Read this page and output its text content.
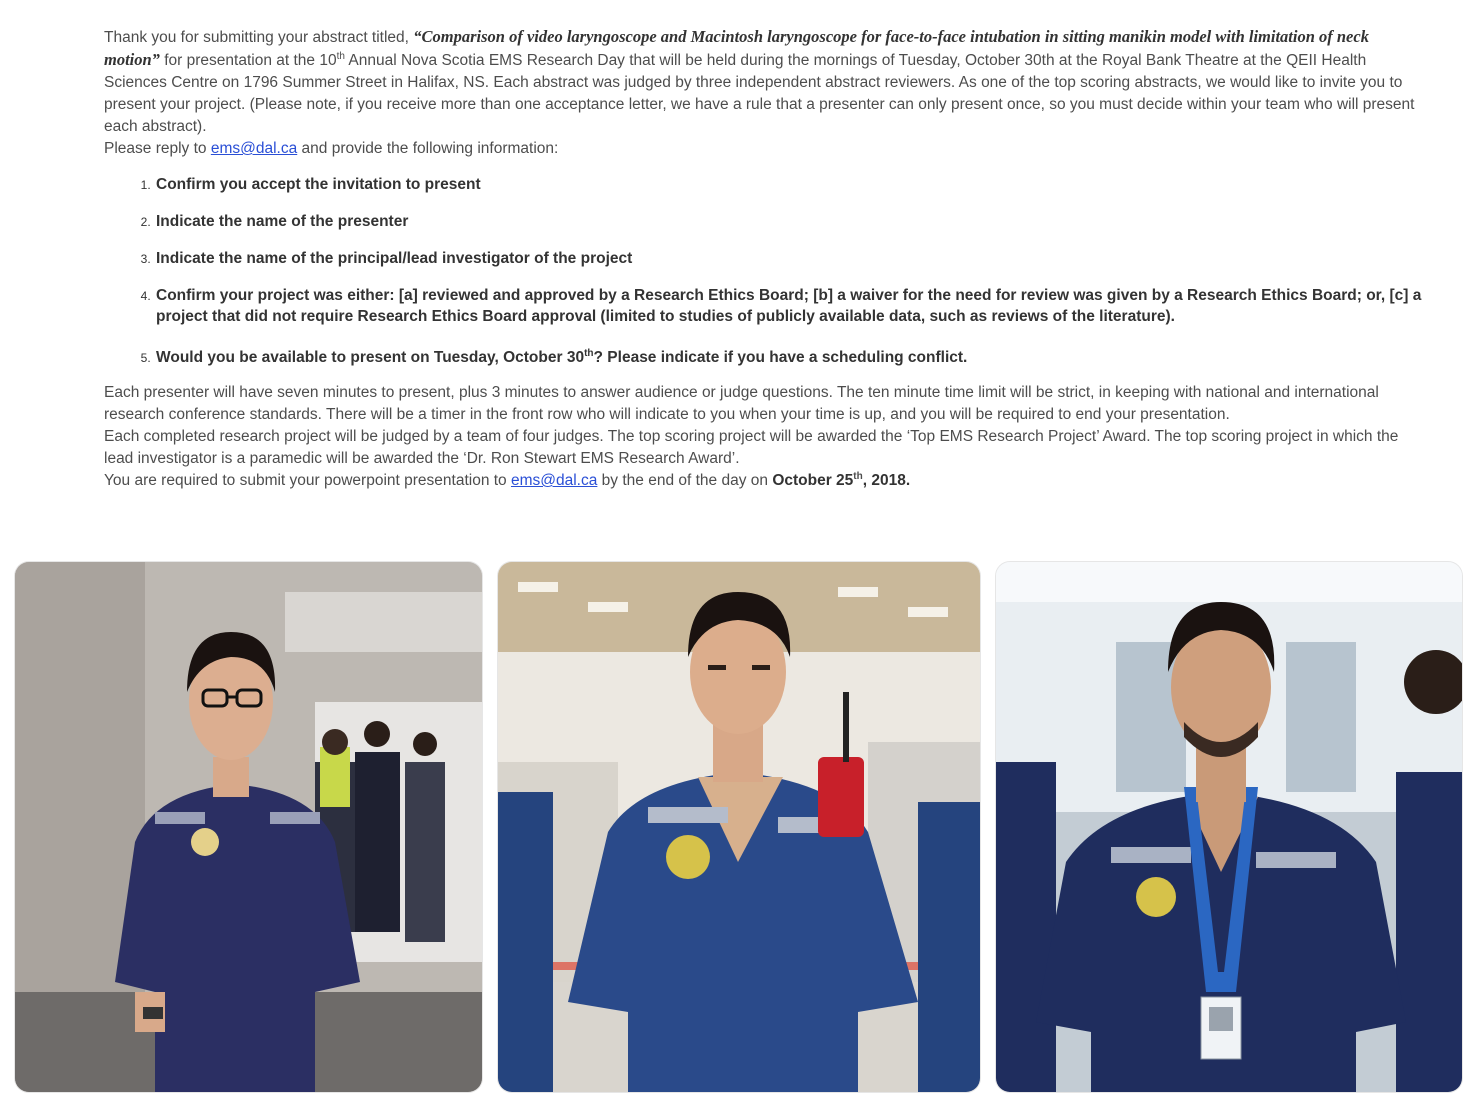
Thank you for submitting your abstract titled, “Comparison of video laryngoscope and Macintosh laryngoscope for face-to-face intubation in sitting manikin model with limitation of neck motion” for presentation at the 10th Annual Nova Scotia EMS Research Day that will be held during the mornings of Tuesday, October 30th at the Royal Bank Theatre at the QEII Health Sciences Centre on 1796 Summer Street in Halifax, NS. Each abstract was judged by three independent abstract reviewers. As one of the top scoring abstracts, we would like to invite you to present your project. (Please note, if you receive more than one acceptance letter, we have a rule that a presenter can only present once, so you must decide within your team who will present each abstract).

Please reply to ems@dal.ca and provide the following information:

1. Confirm you accept the invitation to present
2. Indicate the name of the presenter
3. Indicate the name of the principal/lead investigator of the project
4. Confirm your project was either: [a] reviewed and approved by a Research Ethics Board; [b] a waiver for the need for review was given by a Research Ethics Board; or, [c] a project that did not require Research Ethics Board approval (limited to studies of publicly available data, such as reviews of the literature).
5. Would you be available to present on Tuesday, October 30th? Please indicate if you have a scheduling conflict.

Each presenter will have seven minutes to present, plus 3 minutes to answer audience or judge questions. The ten minute time limit will be strict, in keeping with national and international research conference standards. There will be a timer in the front row who will indicate to you when your time is up, and you will be required to end your presentation.

Each completed research project will be judged by a team of four judges. The top scoring project will be awarded the ‘Top EMS Research Project’ Award. The top scoring project in which the lead investigator is a paramedic will be awarded the ‘Dr. Ron Stewart EMS Research Award’.

You are required to submit your powerpoint presentation to ems@dal.ca by the end of the day on October 25th, 2018.
